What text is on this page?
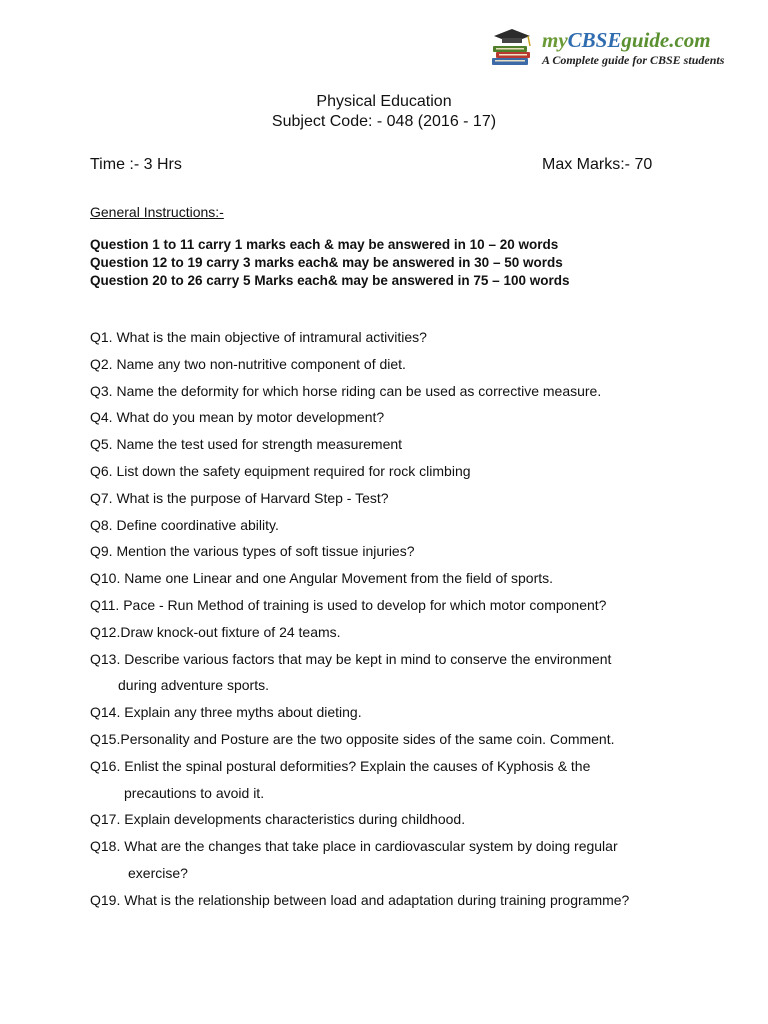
myCBSEguide.com
A Complete guide for CBSE students
Physical Education
Subject Code: - 048 (2016 - 17)
Time :- 3 Hrs	Max Marks:- 70
General Instructions:-
Question 1 to 11 carry 1 marks each & may be answered in 10 – 20 words
Question 12 to 19 carry 3 marks each& may be answered in 30 – 50 words
Question 20 to 26 carry 5 Marks each& may be answered in 75 – 100 words
Q1. What is the main objective of intramural activities?
Q2. Name any two non-nutritive component of diet.
Q3. Name the deformity for which horse riding can be used as corrective measure.
Q4. What do you mean by motor development?
Q5. Name the test used for strength measurement
Q6. List down the safety equipment required for rock climbing
Q7. What is the purpose of Harvard Step - Test?
Q8. Define coordinative ability.
Q9. Mention the various types of soft tissue injuries?
Q10. Name one Linear and one Angular Movement from the field of sports.
Q11. Pace - Run Method of training is used to develop for which motor component?
Q12.Draw knock-out fixture of 24 teams.
Q13. Describe various factors that may be kept in mind to conserve the environment
during adventure sports.
Q14. Explain any three myths about dieting.
Q15.Personality and Posture are the two opposite sides of the same coin. Comment.
Q16. Enlist the spinal postural deformities? Explain the causes of Kyphosis & the
precautions to avoid it.
Q17. Explain developments characteristics during childhood.
Q18. What are the changes that take place in cardiovascular system by doing regular
exercise?
Q19. What is the relationship between load and adaptation during training programme?
